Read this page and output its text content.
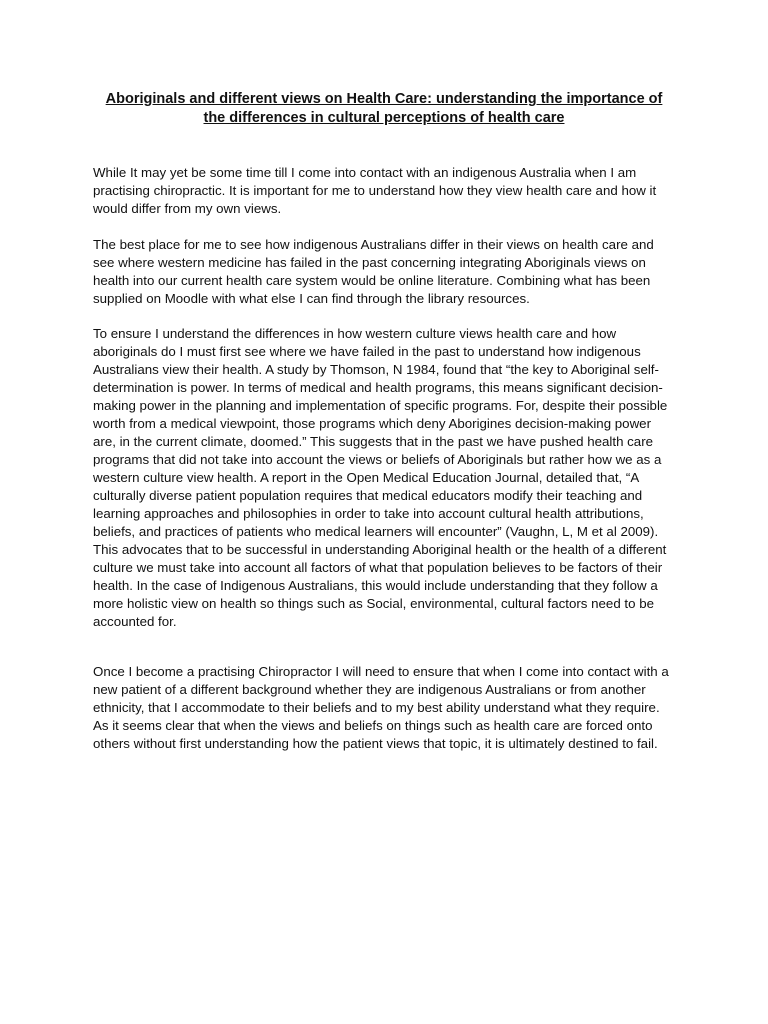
Aboriginals and different views on Health Care: understanding the importance of the differences in cultural perceptions of health care

While It may yet be some time till I come into contact with an indigenous Australia when I am practising chiropractic. It is important for me to understand how they view health care and how it would differ from my own views.

The best place for me to see how indigenous Australians differ in their views on health care and see where western medicine has failed in the past concerning integrating Aboriginals views on health into our current health care system would be online literature. Combining what has been supplied on Moodle with what else I can find through the library resources.

To ensure I understand the differences in how western culture views health care and how aboriginals do I must first see where we have failed in the past to understand how indigenous Australians view their health. A study by Thomson, N 1984, found that “the key to Aboriginal self-determination is power. In terms of medical and health programs, this means significant decision-making power in the planning and implementation of specific programs. For, despite their possible worth from a medical viewpoint, those programs which deny Aborigines decision-making power are, in the current climate, doomed.” This suggests that in the past we have pushed health care programs that did not take into account the views or beliefs of Aboriginals but rather how we as a western culture view health. A report in the Open Medical Education Journal, detailed that, “A culturally diverse patient population requires that medical educators modify their teaching and learning approaches and philosophies in order to take into account cultural health attributions, beliefs, and practices of patients who medical learners will encounter” (Vaughn, L, M et al 2009). This advocates that to be successful in understanding Aboriginal health or the health of a different culture we must take into account all factors of what that population believes to be factors of their health. In the case of Indigenous Australians, this would include understanding that they follow a more holistic view on health so things such as Social, environmental, cultural factors need to be accounted for.

Once I become a practising Chiropractor I will need to ensure that when I come into contact with a new patient of a different background whether they are indigenous Australians or from another ethnicity, that I accommodate to their beliefs and to my best ability understand what they require. As it seems clear that when the views and beliefs on things such as health care are forced onto others without first understanding how the patient views that topic, it is ultimately destined to fail.
